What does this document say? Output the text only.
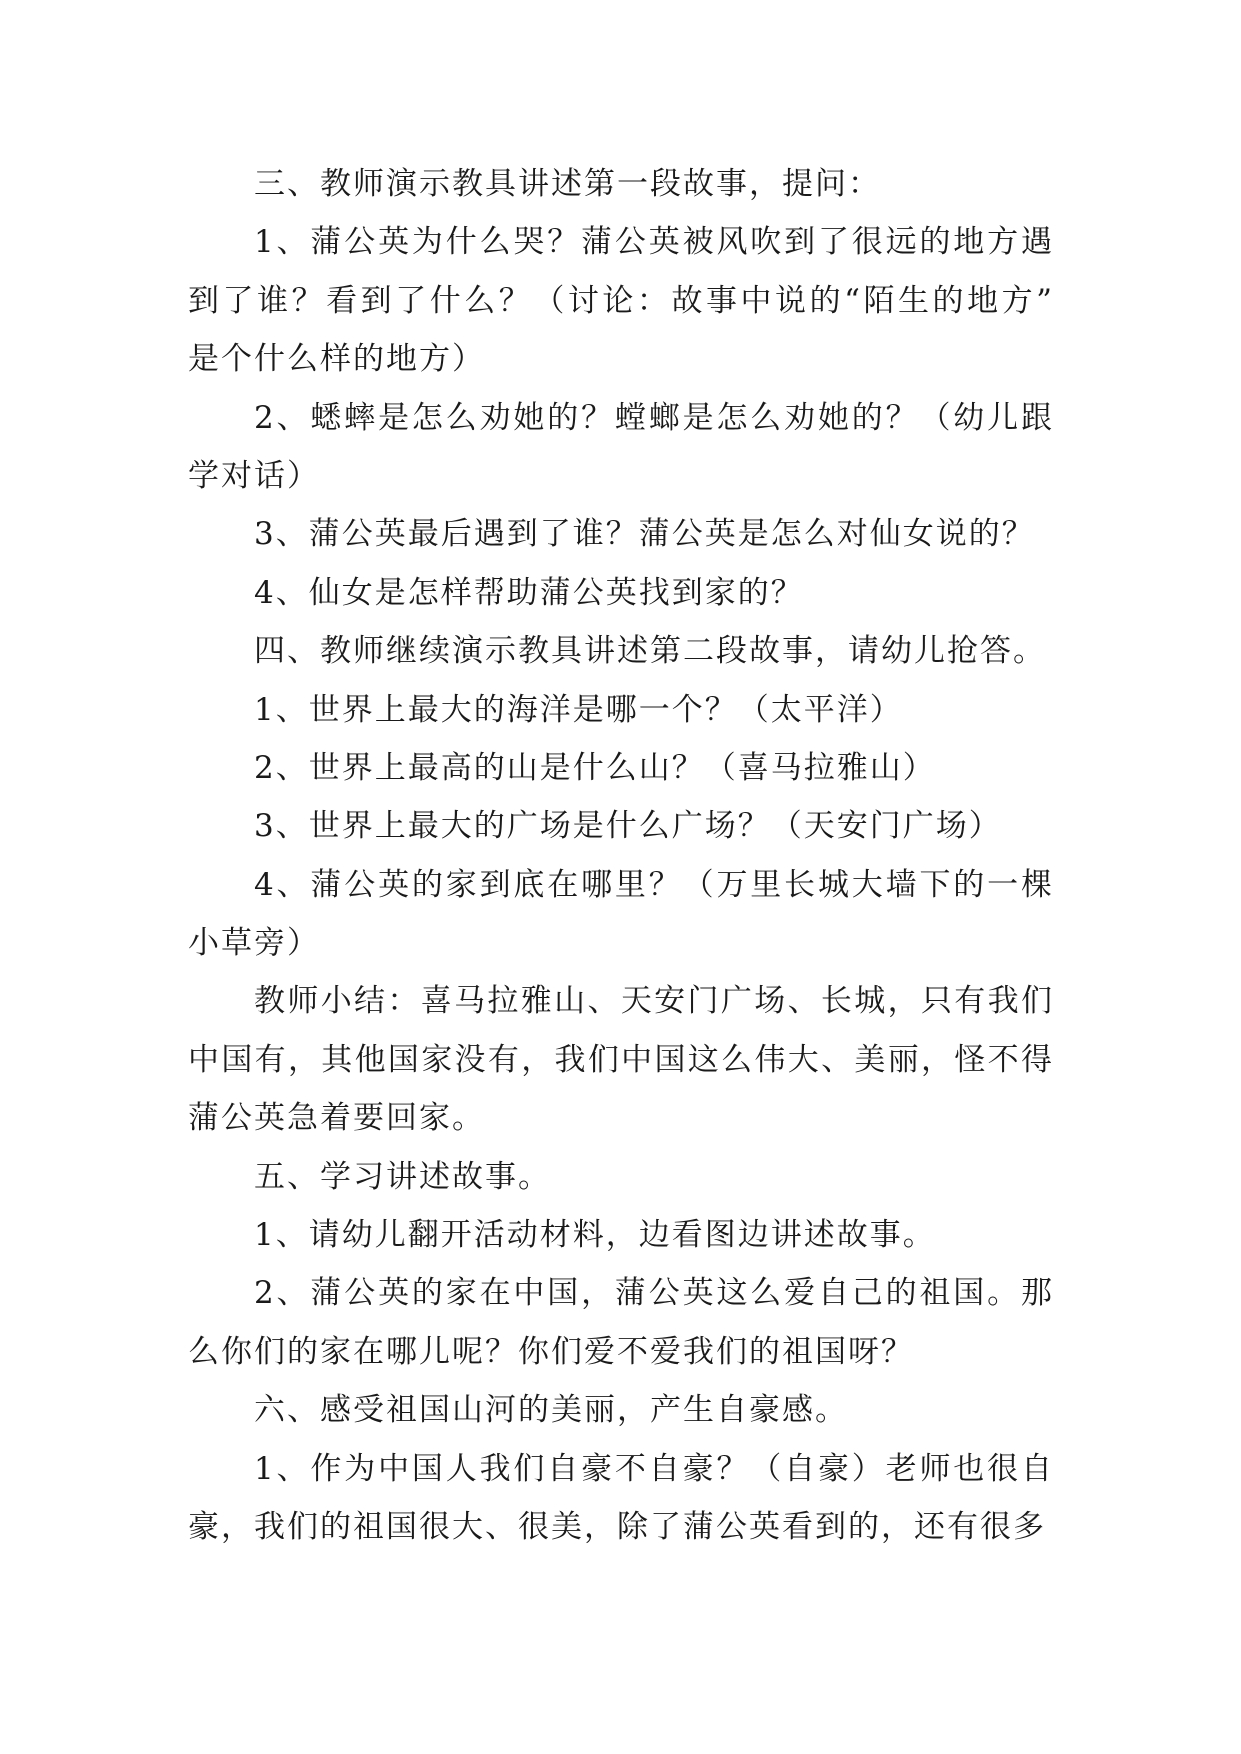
三、教师演示教具讲述第一段故事，提问：
1、蒲公英为什么哭？蒲公英被风吹到了很远的地方遇
到了谁？看到了什么？（讨论：故事中说的“陌生的地方”
是个什么样的地方）
2、蟋蟀是怎么劝她的？螳螂是怎么劝她的？（幼儿跟
学对话）
3、蒲公英最后遇到了谁？蒲公英是怎么对仙女说的？
4、仙女是怎样帮助蒲公英找到家的？
四、教师继续演示教具讲述第二段故事，请幼儿抢答。
1、世界上最大的海洋是哪一个？（太平洋）
2、世界上最高的山是什么山？（喜马拉雅山）
3、世界上最大的广场是什么广场？（天安门广场）
4、蒲公英的家到底在哪里？（万里长城大墙下的一棵
小草旁）
教师小结：喜马拉雅山、天安门广场、长城，只有我们
中国有，其他国家没有，我们中国这么伟大、美丽，怪不得
蒲公英急着要回家。
五、学习讲述故事。
1、请幼儿翻开活动材料，边看图边讲述故事。
2、蒲公英的家在中国，蒲公英这么爱自己的祖国。那
么你们的家在哪儿呢？你们爱不爱我们的祖国呀？
六、感受祖国山河的美丽，产生自豪感。
1、作为中国人我们自豪不自豪？（自豪）老师也很自
豪，我们的祖国很大、很美，除了蒲公英看到的，还有很多
